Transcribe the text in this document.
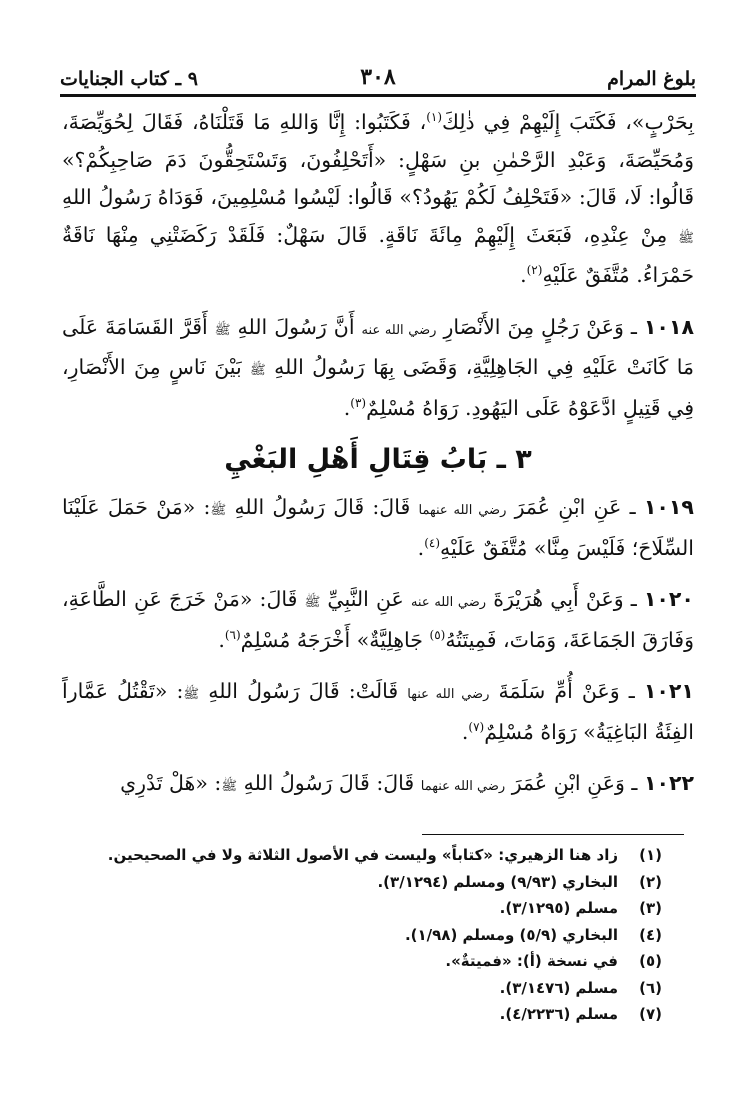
بلوغ المرام
٣٠٨
٩ ـ كتاب الجنايات

بِحَرْبٍ»، فَكَتَبَ إِلَيْهِمْ فِي ذٰلِكَ$^{(١)}$، فَكَتَبُوا: إِنَّا وَاللهِ مَا قَتَلْنَاهُ، فَقَالَ لِحُوَيِّصَةَ، وَمُحَيِّصَةَ، وَعَبْدِ الرَّحْمٰنِ بنِ سَهْلٍ: «أَتَحْلِفُونَ، وَتَسْتَحِقُّونَ دَمَ صَاحِبِكُمْ؟» قَالُوا: لَا، قَالَ: «فَتَحْلِفُ لَكُمْ يَهُودُ؟» قَالُوا: لَيْسُوا مُسْلِمِينَ، فَوَدَاهُ رَسُولُ اللهِ ﷺ مِنْ عِنْدِهِ، فَبَعَثَ إِلَيْهِمْ مِائَةَ نَاقَةٍ. قَالَ سَهْلٌ: فَلَقَدْ رَكَضَتْنِي مِنْهَا نَاقَةٌ حَمْرَاءُ. مُتَّفَقٌ عَلَيْهِ$^{(٢)}$.

١٠١٨ ـ وَعَنْ رَجُلٍ مِنَ الأَنْصَارِ رضي الله عنه أَنَّ رَسُولَ اللهِ ﷺ أَقَرَّ القَسَامَةَ عَلَى مَا كَانَتْ عَلَيْهِ فِي الجَاهِلِيَّةِ، وَقَضَى بِهَا رَسُولُ اللهِ ﷺ بَيْنَ نَاسٍ مِنَ الأَنْصَارِ، فِي قَتِيلٍ ادَّعَوْهُ عَلَى اليَهُودِ. رَوَاهُ مُسْلِمٌ$^{(٣)}$.

٣ ـ بَابُ قِتَالِ أَهْلِ البَغْيِ

١٠١٩ ـ عَنِ ابْنِ عُمَرَ رضي الله عنهما قَالَ: قَالَ رَسُولُ اللهِ ﷺ: «مَنْ حَمَلَ عَلَيْنَا السِّلَاحَ؛ فَلَيْسَ مِنَّا» مُتَّفَقٌ عَلَيْهِ$^{(٤)}$.

١٠٢٠ ـ وَعَنْ أَبِي هُرَيْرَةَ رضي الله عنه عَنِ النَّبِيِّ ﷺ قَالَ: «مَنْ خَرَجَ عَنِ الطَّاعَةِ، وَفَارَقَ الجَمَاعَةَ، وَمَاتَ، فَمِيتَتُهُ$^{(٥)}$ جَاهِلِيَّةٌ» أَخْرَجَهُ مُسْلِمٌ$^{(٦)}$.

١٠٢١ ـ وَعَنْ أُمِّ سَلَمَةَ رضي الله عنها قَالَتْ: قَالَ رَسُولُ اللهِ ﷺ: «تَقْتُلُ عَمَّاراً الفِئَةُ البَاغِيَةُ» رَوَاهُ مُسْلِمٌ$^{(٧)}$.

١٠٢٢ ـ وَعَنِ ابْنِ عُمَرَ رضي الله عنهما قَالَ: قَالَ رَسُولُ اللهِ ﷺ: «هَلْ تَدْرِي

(١)
زاد هنا الزهيري: «كتاباً» وليست في الأصول الثلاثة ولا في الصحيحين.
(٢)
البخاري (٩/٩٣) ومسلم (٣/١٢٩٤).
(٣)
مسلم (٣/١٢٩٥).
(٤)
البخاري (٥/٩) ومسلم (١/٩٨).
(٥)
في نسخة (أ): «فميتةٌ».
(٦)
مسلم (٣/١٤٧٦).
(٧)
مسلم (٤/٢٢٣٦).
